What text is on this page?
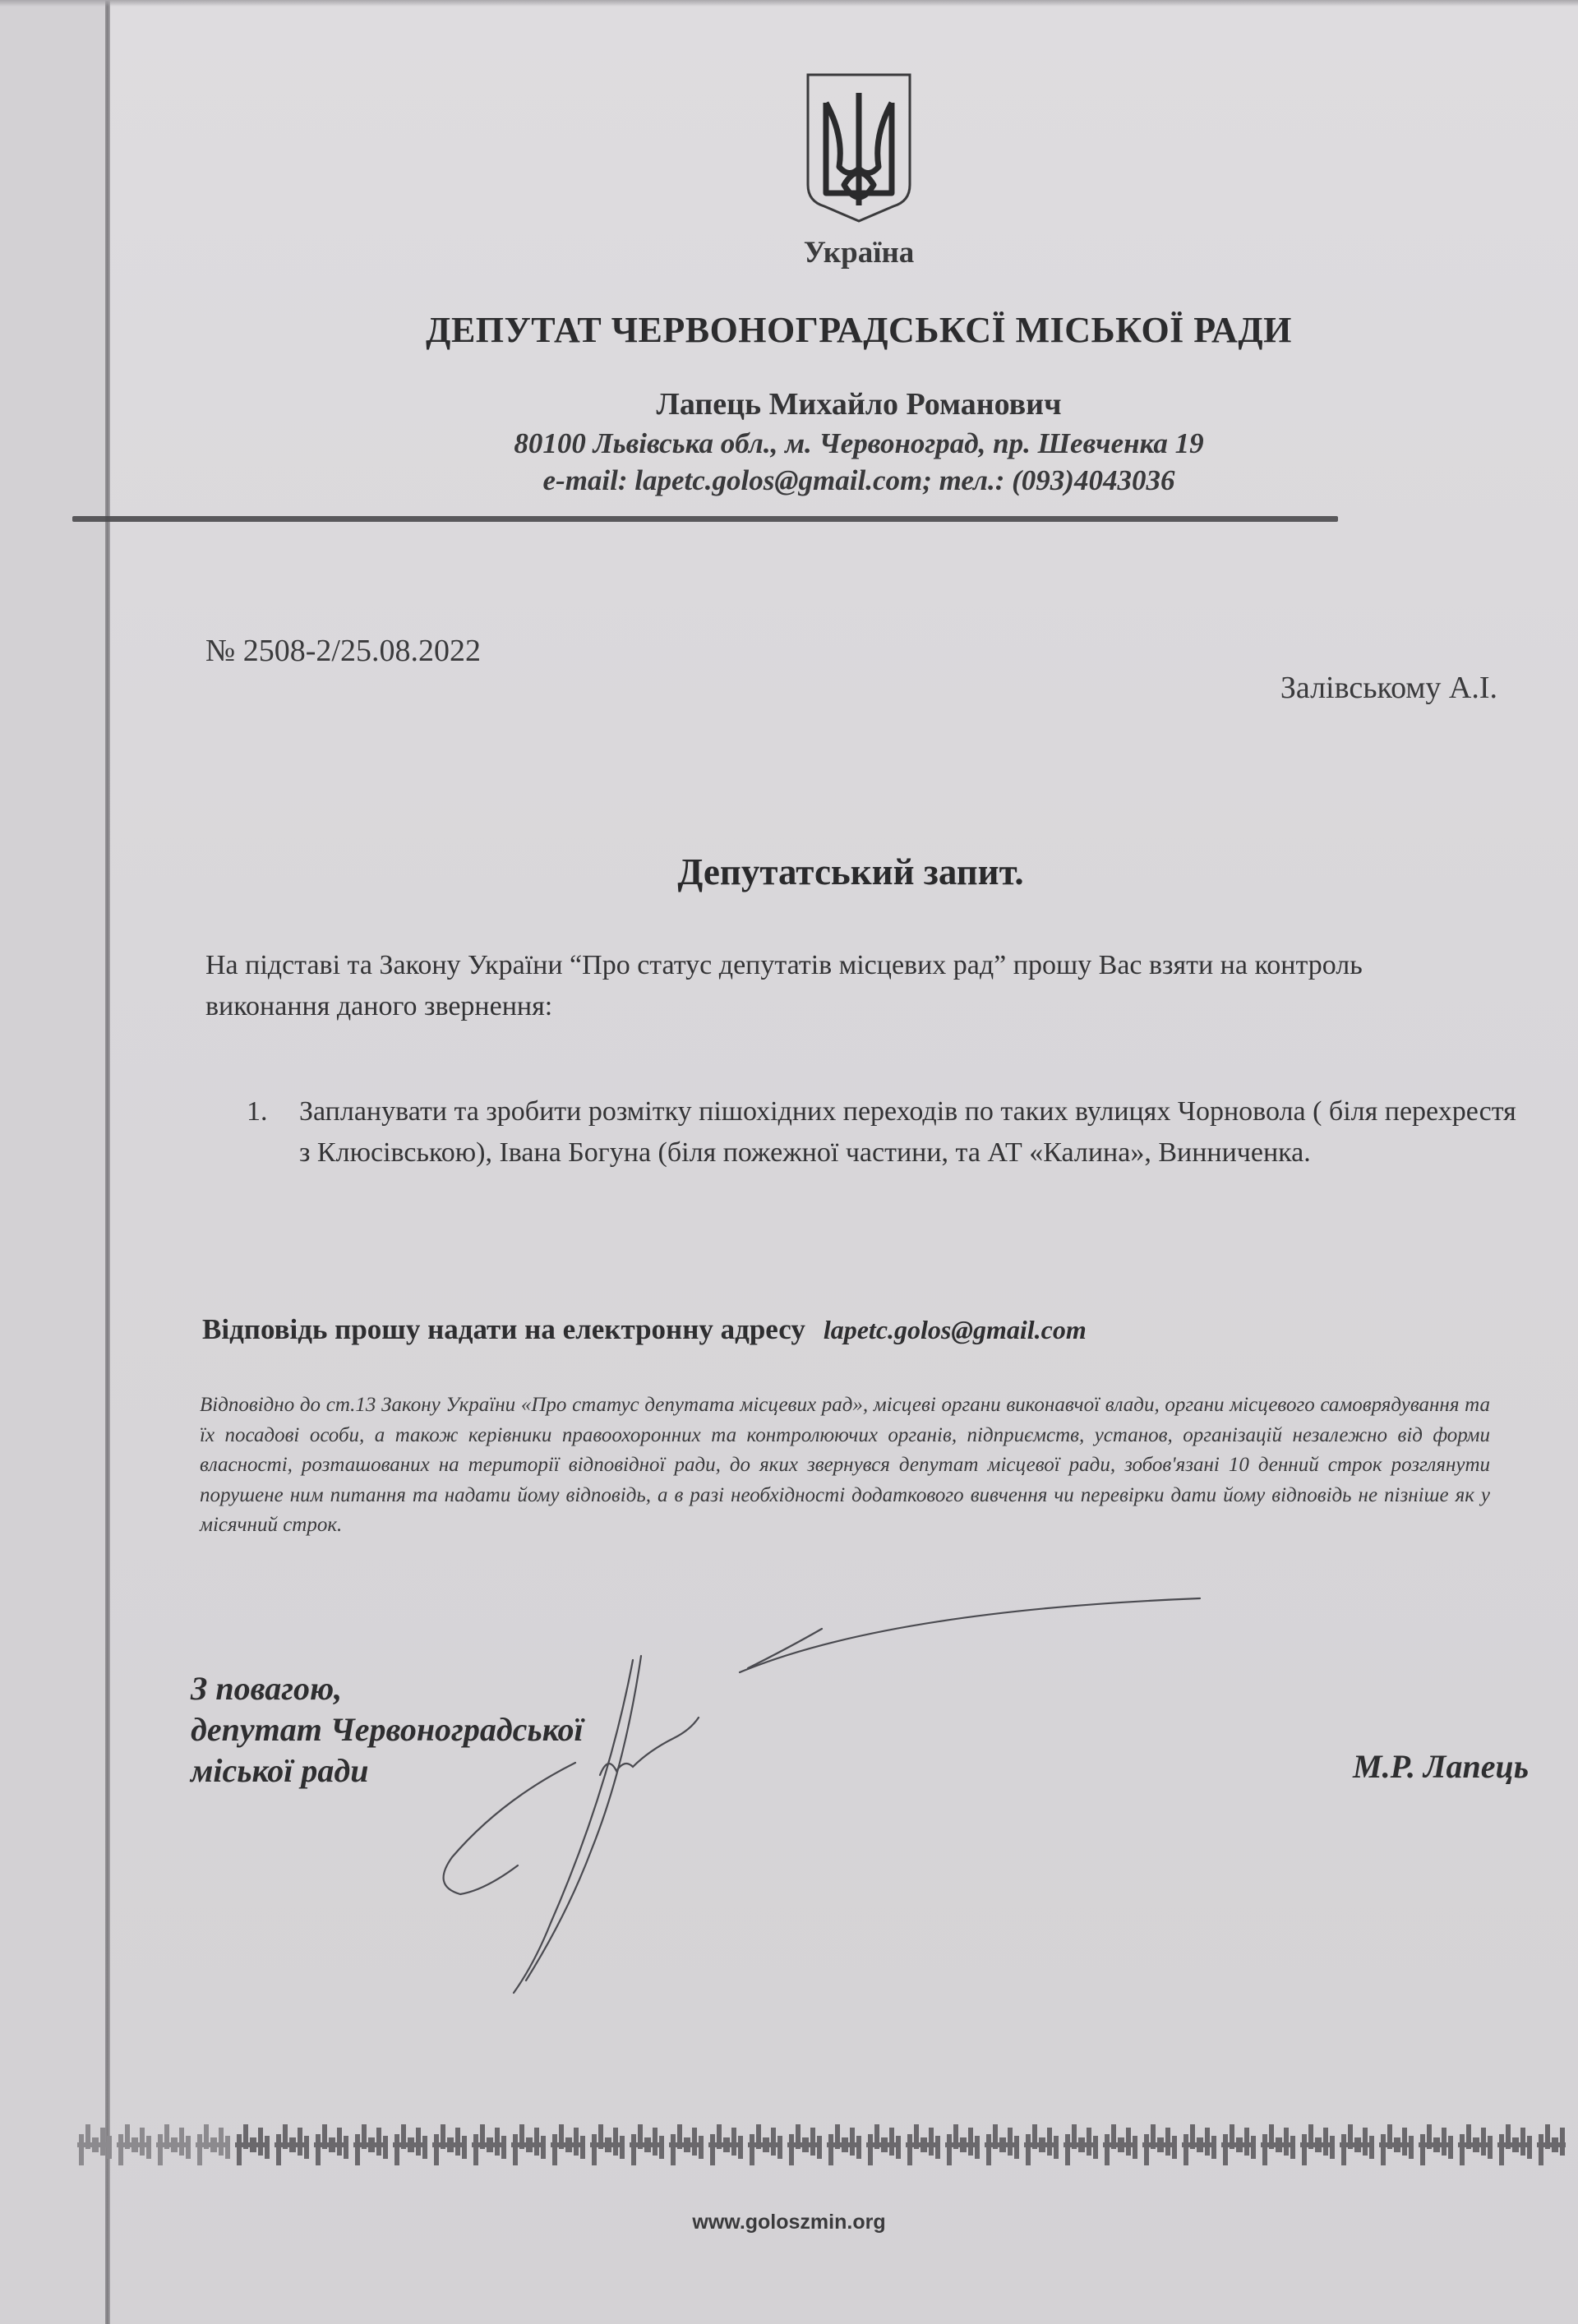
Україна
ДЕПУТАТ ЧЕРВОНОГРАДСЬКСЇ МІСЬКОЇ РАДИ
Лапець Михайло Романович
80100 Львівська обл., м. Червоноград, пр. Шевченка 19
e-mail: lapetc.golos@gmail.com; тел.: (093)4043036
№ 2508-2/25.08.2022
Залівському А.І.
Депутатський запит.
На підставі та Закону України “Про статус депутатів місцевих рад” прошу Вас взяти на контроль виконання даного звернення:
1. Запланувати та зробити розмітку пішохідних переходів по таких вулицях Чорновола ( біля перехрестя з Клюсівською), Івана Богуна (біля пожежної частини, та АТ «Калина», Винниченка.
Відповідь прошу надати на електронну адресу lapetc.golos@gmail.com
Відповідно до ст.13 Закону України «Про статус депутата місцевих рад», місцеві органи виконавчої влади, органи місцевого самоврядування та їх посадові особи, а також керівники правоохоронних та контролюючих органів, підприємств, установ, організацій незалежно від форми власності, розташованих на території відповідної ради, до яких звернувся депутат місцевої ради, зобов'язані 10 денний строк розглянути порушене ним питання та надати йому відповідь, а в разі необхідності додаткового вивчення чи перевірки дати йому відповідь не пізніше як у місячний строк.
З повагою,
депутат Червоноградської
міської ради	М.Р. Лапець
www.goloszmin.org
